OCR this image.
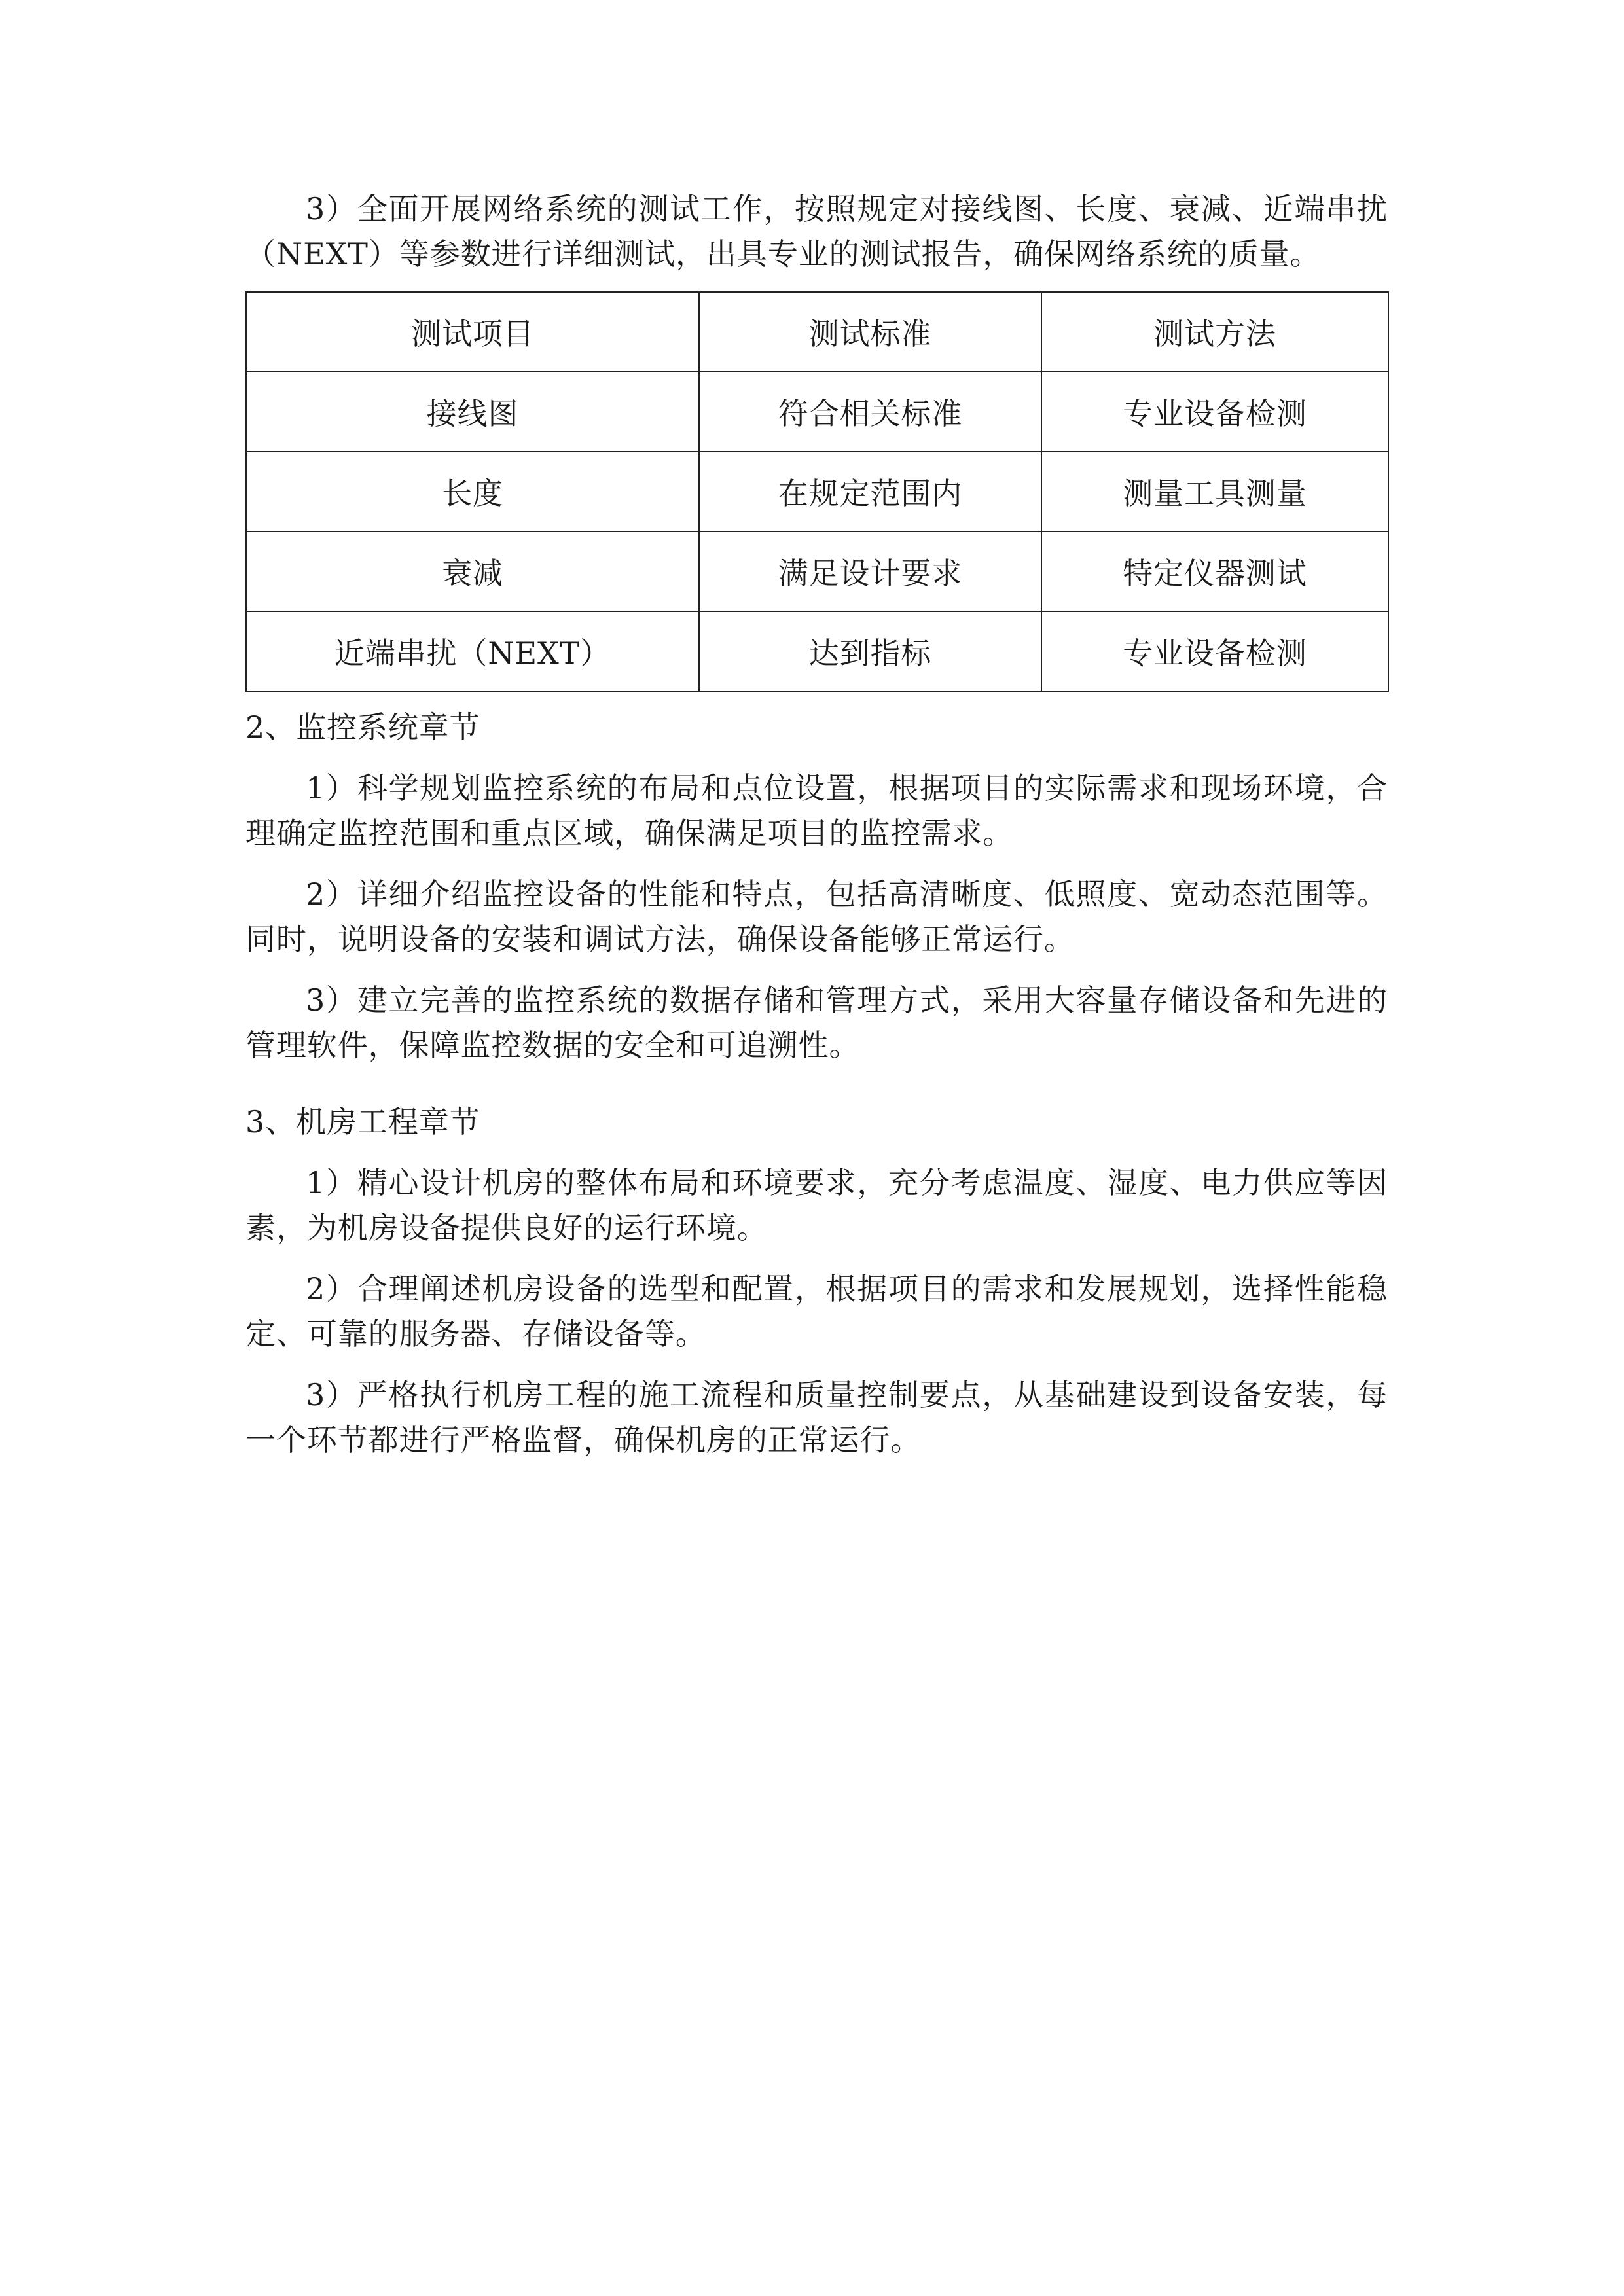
3）全面开展网络系统的测试工作，按照规定对接线图、长度、衰减、近端串扰（NEXT）等参数进行详细测试，出具专业的测试报告，确保网络系统的质量。

测试项目	测试标准	测试方法
接线图	符合相关标准	专业设备检测
长度	在规定范围内	测量工具测量
衰减	满足设计要求	特定仪器测试
近端串扰（NEXT）	达到指标	专业设备检测
2、监控系统章节

1）科学规划监控系统的布局和点位设置，根据项目的实际需求和现场环境，合理确定监控范围和重点区域，确保满足项目的监控需求。

2）详细介绍监控设备的性能和特点，包括高清晰度、低照度、宽动态范围等。同时，说明设备的安装和调试方法，确保设备能够正常运行。

3）建立完善的监控系统的数据存储和管理方式，采用大容量存储设备和先进的管理软件，保障监控数据的安全和可追溯性。

3、机房工程章节

1）精心设计机房的整体布局和环境要求，充分考虑温度、湿度、电力供应等因素，为机房设备提供良好的运行环境。

2）合理阐述机房设备的选型和配置，根据项目的需求和发展规划，选择性能稳定、可靠的服务器、存储设备等。

3）严格执行机房工程的施工流程和质量控制要点，从基础建设到设备安装，每一个环节都进行严格监督，确保机房的正常运行。
